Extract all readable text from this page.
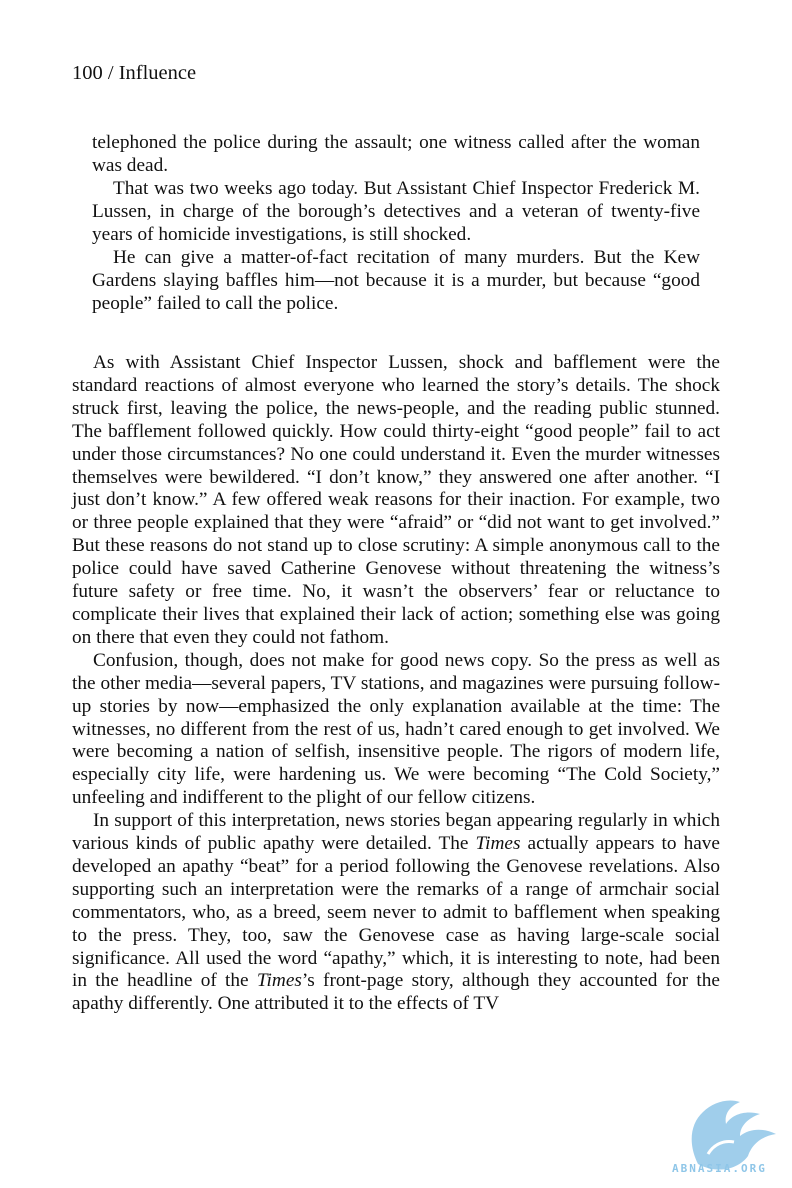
100 / Influence

telephoned the police during the assault; one witness called after the woman was dead.

That was two weeks ago today. But Assistant Chief Inspector Frederick M. Lussen, in charge of the borough’s detectives and a veteran of twenty-five years of homicide investigations, is still shocked.

He can give a matter-of-fact recitation of many murders. But the Kew Gardens slaying baffles him—not because it is a murder, but because “good people” failed to call the police.

As with Assistant Chief Inspector Lussen, shock and bafflement were the standard reactions of almost everyone who learned the story’s details. The shock struck first, leaving the police, the news-people, and the reading public stunned. The bafflement followed quickly. How could thirty-eight “good people” fail to act under those circumstances? No one could understand it. Even the murder witnesses themselves were bewildered. “I don’t know,” they answered one after another. “I just don’t know.” A few offered weak reasons for their inaction. For example, two or three people explained that they were “afraid” or “did not want to get involved.” But these reasons do not stand up to close scrutiny: A simple anonymous call to the police could have saved Catherine Genovese without threatening the witness’s future safety or free time. No, it wasn’t the observers’ fear or reluctance to complicate their lives that explained their lack of action; something else was going on there that even they could not fathom.

Confusion, though, does not make for good news copy. So the press as well as the other media—several papers, TV stations, and magazines were pursuing follow-up stories by now—emphasized the only explanation available at the time: The witnesses, no different from the rest of us, hadn’t cared enough to get involved. We were becoming a nation of selfish, insensitive people. The rigors of modern life, especially city life, were hardening us. We were becoming “The Cold Society,” unfeeling and indifferent to the plight of our fellow citizens.

In support of this interpretation, news stories began appearing regularly in which various kinds of public apathy were detailed. The Times actually appears to have developed an apathy “beat” for a period following the Genovese revelations. Also supporting such an interpretation were the remarks of a range of armchair social commentators, who, as a breed, seem never to admit to bafflement when speaking to the press. They, too, saw the Genovese case as having large-scale social significance. All used the word “apathy,” which, it is interesting to note, had been in the headline of the Times’s front-page story, although they accounted for the apathy differently. One attributed it to the effects of TV

ABNASIA.ORG
